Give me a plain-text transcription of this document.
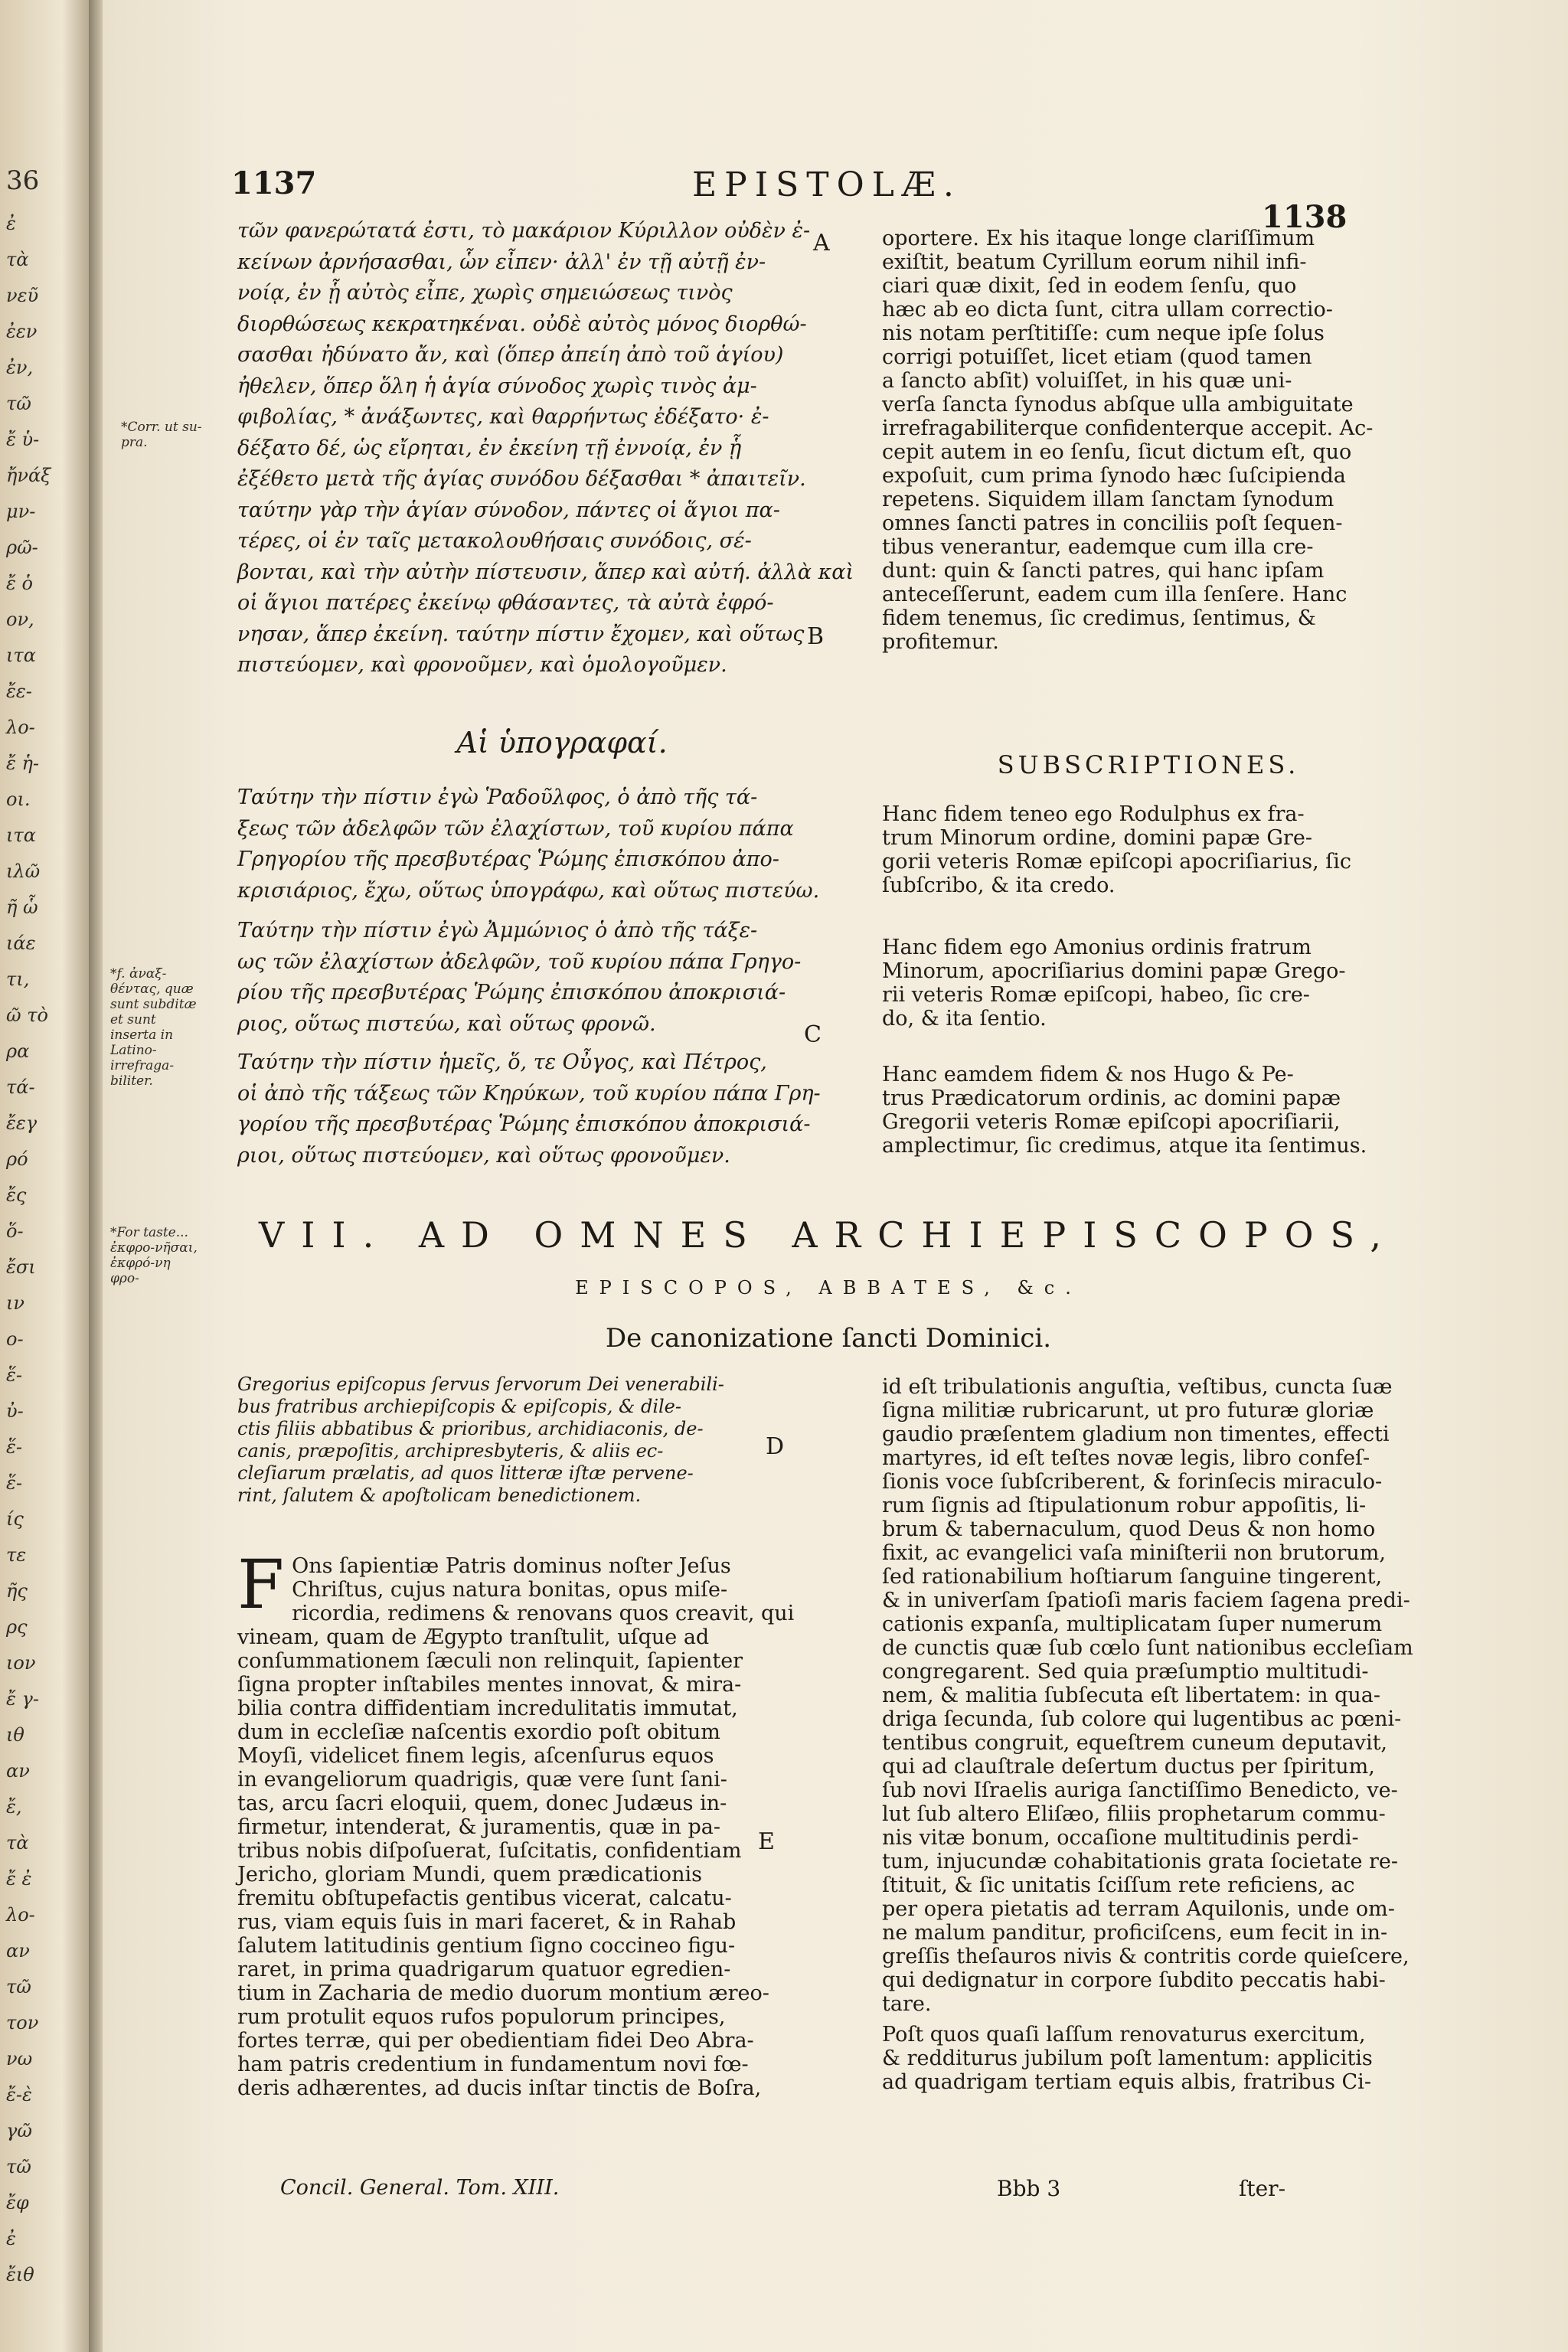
36
ἐ
τὰ
νεῦ
ἐεν
ἐν,
τῶ
ἔ ὑ-
ἤνάξ
μν-
ρῶ-
ἔ ὁ
ον,
ιτα
ἔε-
λο-
ἔ ἡ-
οι.
ιτα
ιλῶ
ῆ ὧ
ιάε
τι,
ῶ τὸ
ρα
τά-
ἔεγ
ρό
ἔς
ὅ-
ἔσι
ιν
ο-
ἕ-
ὐ-
ἕ-
ἕ-
ίς
τε
ῆς
ρς
ιον
ἔ γ-
ιθ
αν
ἔ,
τὰ
ἔ ἐ
λο-
αν
τῶ
τον
νω
ἔ-ὲ
γῶ
τῶ
ἔφ
ἐ
ἔιθ
1137	EPISTOLÆ.
1138
τῶν φανερώτατά ἐστι, τὸ μακάριον Κύριλλον οὐδὲν ἐ-
κείνων ἀρνήσασθαι, ὧν εἶπεν· ἀλλ' ἐν τῇ αὐτῇ ἐν-
νοίᾳ, ἐν ᾗ αὐτὸς εἶπε, χωρὶς σημειώσεως τινὸς
διορθώσεως κεκρατηκέναι. οὐδὲ αὐτὸς μόνος διορθώ-
σασθαι ἠδύνατο ἄν, καὶ (ὅπερ ἀπείη ἀπὸ τοῦ ἁγίου)
ἠθελεν, ὅπερ ὅλη ἡ ἁγία σύνοδος χωρὶς τινὸς ἀμ-
φιβολίας, * ἀνάξωντες, καὶ θαρρήντως ἐδέξατο· ἐ-
δέξατο δέ, ὡς εἴρηται, ἐν ἐκείνη τῇ ἐννοίᾳ, ἐν ᾗ
ἐξέθετο μετὰ τῆς ἁγίας συνόδου δέξασθαι * ἀπαιτεῖν.
ταύτην γὰρ τὴν ἁγίαν σύνοδον, πάντες οἱ ἅγιοι πα-
τέρες, οἱ ἐν ταῖς μετακολουθήσαις συνόδοις, σέ-
βονται, καὶ τὴν αὐτὴν πίστευσιν, ἅπερ καὶ αὐτή. ἀλλὰ καὶ
οἱ ἅγιοι πατέρες ἐκείνῳ φθάσαντες, τὰ αὐτὰ ἐφρό-
νησαν, ἅπερ ἐκείνη. ταύτην πίστιν ἔχομεν, καὶ οὕτως
πιστεύομεν, καὶ φρονοῦμεν, καὶ ὁμολογοῦμεν.
*Corr. ut su-pra.
*f. ἀναξ-θέντας, quæ sunt subditæ et sunt inserta in Latino-irrefraga-biliter.
*For taste... ἐκφρο-νῆσαι, ἐκφρό-νη φρο-
Αἱ ὑπογραφαί.
Ταύτην τὴν πίστιν ἐγὼ Ῥαδοῦλφος, ὁ ἀπὸ τῆς τά-
ξεως τῶν ἀδελφῶν τῶν ἐλαχίστων, τοῦ κυρίου πάπα
Γρηγορίου τῆς πρεσβυτέρας Ῥώμης ἐπισκόπου ἀπο-
κρισιάριος, ἔχω, οὕτως ὑπογράφω, καὶ οὕτως πιστεύω.
Ταύτην τὴν πίστιν ἐγὼ Ἀμμώνιος ὁ ἀπὸ τῆς τάξε-
ως τῶν ἐλαχίστων ἀδελφῶν, τοῦ κυρίου πάπα Γρηγο-
ρίου τῆς πρεσβυτέρας Ῥώμης ἐπισκόπου ἀποκρισιά-
ριος, οὕτως πιστεύω, καὶ οὕτως φρονῶ.
Ταύτην τὴν πίστιν ἡμεῖς, ὅ, τε Οὖγος, καὶ Πέτρος,
οἱ ἀπὸ τῆς τάξεως τῶν Κηρύκων, τοῦ κυρίου πάπα Γρη-
γορίου τῆς πρεσβυτέρας Ῥώμης ἐπισκόπου ἀποκρισιά-
ριοι, οὕτως πιστεύομεν, καὶ οὕτως φρονοῦμεν.
A
B
C
D
E
oportere. Ex his itaque longe clariſſimum
exiſtit, beatum Cyrillum eorum nihil infi-
ciari quæ dixit, ſed in eodem ſenſu, quo
hæc ab eo dicta ſunt, citra ullam correctio-
nis notam perſtitiſſe: cum neque ipſe ſolus
corrigi potuiſſet, licet etiam (quod tamen
a ſancto abſit) voluiſſet, in his quæ uni-
verſa ſancta ſynodus abſque ulla ambiguitate
irrefragabiliterque confidenterque accepit. Ac-
cepit autem in eo ſenſu, ſicut dictum eſt, quo
expoſuit, cum prima ſynodo hæc ſuſcipienda
repetens. Siquidem illam ſanctam ſynodum
omnes ſancti patres in conciliis poſt ſequen-
tibus venerantur, eademque cum illa cre-
dunt: quin & ſancti patres, qui hanc ipſam
anteceſſerunt, eadem cum illa ſenſere. Hanc
fidem tenemus, ſic credimus, ſentimus, &
profitemur.
SUBSCRIPTIONES.
Hanc fidem teneo ego Rodulphus ex fra-
trum Minorum ordine, domini papæ Gre-
gorii veteris Romæ epiſcopi apocriſiarius, ſic
ſubſcribo, & ita credo.
Hanc fidem ego Amonius ordinis fratrum
Minorum, apocriſiarius domini papæ Grego-
rii veteris Romæ epiſcopi, habeo, ſic cre-
do, & ita ſentio.
Hanc eamdem fidem & nos Hugo & Pe-
trus Prædicatorum ordinis, ac domini papæ
Gregorii veteris Romæ epiſcopi apocriſiarii,
amplectimur, ſic credimus, atque ita ſentimus.
VII. AD OMNES ARCHIEPISCOPOS,
EPISCOPOS, ABBATES, &c.
De canonizatione ſancti Dominici.
Gregorius epiſcopus ſervus ſervorum Dei venerabili-
bus fratribus archiepiſcopis & epiſcopis, & dile-
ctis filiis abbatibus & prioribus, archidiaconis, de-
canis, præpoſitis, archipresbyteris, & aliis ec-
cleſiarum prælatis, ad quos litteræ iſtæ pervene-
rint, ſalutem & apoſtolicam benedictionem.
F Ons ſapientiæ Patris dominus noſter Jeſus
Chriſtus, cujus natura bonitas, opus miſe-
ricordia, redimens & renovans quos creavit, qui
vineam, quam de Ægypto tranſtulit, uſque ad
conſummationem ſæculi non relinquit, ſapienter
ſigna propter inſtabiles mentes innovat, & mira-
bilia contra diffidentiam incredulitatis immutat,
dum in eccleſiæ naſcentis exordio poſt obitum
Moyſi, videlicet finem legis, aſcenſurus equos
in evangeliorum quadrigis, quæ vere ſunt ſani-
tas, arcu ſacri eloquii, quem, donec Judæus in-
firmetur, intenderat, & juramentis, quæ in pa-
tribus nobis diſpoſuerat, ſuſcitatis, confidentiam
Jericho, gloriam Mundi, quem prædicationis
fremitu obſtupefactis gentibus vicerat, calcatu-
rus, viam equis ſuis in mari faceret, & in Rahab
ſalutem latitudinis gentium ſigno coccineo figu-
raret, in prima quadrigarum quatuor egredien-
tium in Zacharia de medio duorum montium æreo-
rum protulit equos rufos populorum principes,
fortes terræ, qui per obedientiam fidei Deo Abra-
ham patris credentium in fundamentum novi fœ-
deris adhærentes, ad ducis inſtar tinctis de Boſra,
id eſt tribulationis anguſtia, veſtibus, cuncta ſuæ
ſigna militiæ rubricarunt, ut pro futuræ gloriæ
gaudio præſentem gladium non timentes, effecti
martyres, id eſt teſtes novæ legis, libro confeſ-
ſionis voce ſubſcriberent, & forinſecis miraculo-
rum ſignis ad ſtipulationum robur appoſitis, li-
brum & tabernaculum, quod Deus & non homo
fixit, ac evangelici vaſa miniſterii non brutorum,
ſed rationabilium hoſtiarum ſanguine tingerent,
& in univerſam ſpatioſi maris faciem ſagena predi-
cationis expanſa, multiplicatam ſuper numerum
de cunctis quæ ſub cœlo ſunt nationibus eccleſiam
congregarent. Sed quia præſumptio multitudi-
nem, & malitia ſubſecuta eſt libertatem: in qua-
driga ſecunda, ſub colore qui lugentibus ac pœni-
tentibus congruit, equeſtrem cuneum deputavit,
qui ad clauſtrale deſertum ductus per ſpiritum,
ſub novi Iſraelis auriga ſanctiſſimo Benedicto, ve-
lut ſub altero Eliſæo, filiis prophetarum commu-
nis vitæ bonum, occaſione multitudinis perdi-
tum, injucundæ cohabitationis grata ſocietate re-
ſtituit, & ſic unitatis ſciſſum rete reficiens, ac
per opera pietatis ad terram Aquilonis, unde om-
ne malum panditur, proficiſcens, eum fecit in in-
greſſis theſauros nivis & contritis corde quieſcere,
qui dedignatur in corpore ſubdito peccatis habi-
tare.
Poſt quos quaſi laſſum renovaturus exercitum,
& redditurus jubilum poſt lamentum: applicitis
ad quadrigam tertiam equis albis, fratribus Ci-
Concil. General. Tom. XIII.	Bbb 3	ſter-
